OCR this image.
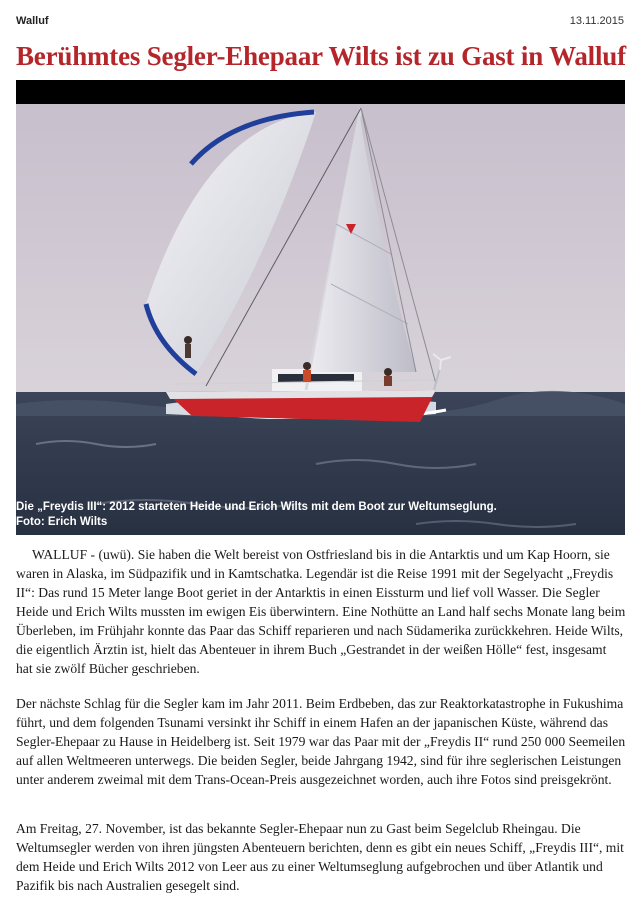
Walluf	13.11.2015
Berühmtes Segler-Ehepaar Wilts ist zu Gast in Walluf
Die „Freydis III“: 2012 starteten Heide und Erich Wilts mit dem Boot zur Weltumseglung.
Foto: Erich Wilts

WALLUF - (uwü). Sie haben die Welt bereist von Ostfriesland bis in die Antarktis und um Kap Hoorn, sie waren in Alaska, im Südpazifik und in Kamtschatka. Legendär ist die Reise 1991 mit der Segelyacht „Freydis II“: Das rund 15 Meter lange Boot geriet in der Antarktis in einen Eissturm und lief voll Wasser. Die Segler Heide und Erich Wilts mussten im ewigen Eis überwintern. Eine Nothütte an Land half sechs Monate lang beim Überleben, im Frühjahr konnte das Paar das Schiff reparieren und nach Südamerika zurückkehren. Heide Wilts, die eigentlich Ärztin ist, hielt das Abenteuer in ihrem Buch „Gestrandet in der weißen Hölle“ fest, insgesamt hat sie zwölf Bücher geschrieben.

Der nächste Schlag für die Segler kam im Jahr 2011. Beim Erdbeben, das zur Reaktorkatastrophe in Fukushima führt, und dem folgenden Tsunami versinkt ihr Schiff in einem Hafen an der japanischen Küste, während das Segler-Ehepaar zu Hause in Heidelberg ist. Seit 1979 war das Paar mit der „Freydis II“ rund 250 000 Seemeilen auf allen Weltmeeren unterwegs. Die beiden Segler, beide Jahrgang 1942, sind für ihre seglerischen Leistungen unter anderem zweimal mit dem Trans-Ocean-Preis ausgezeichnet worden, auch ihre Fotos sind preisgekrönt.

Am Freitag, 27. November, ist das bekannte Segler-Ehepaar nun zu Gast beim Segelclub Rheingau. Die Weltumsegler werden von ihren jüngsten Abenteuern berichten, denn es gibt ein neues Schiff, „Freydis III“, mit dem Heide und Erich Wilts 2012 von Leer aus zu einer Weltumseglung aufgebrochen und über Atlantik und Pazifik bis nach Australien gesegelt sind.
